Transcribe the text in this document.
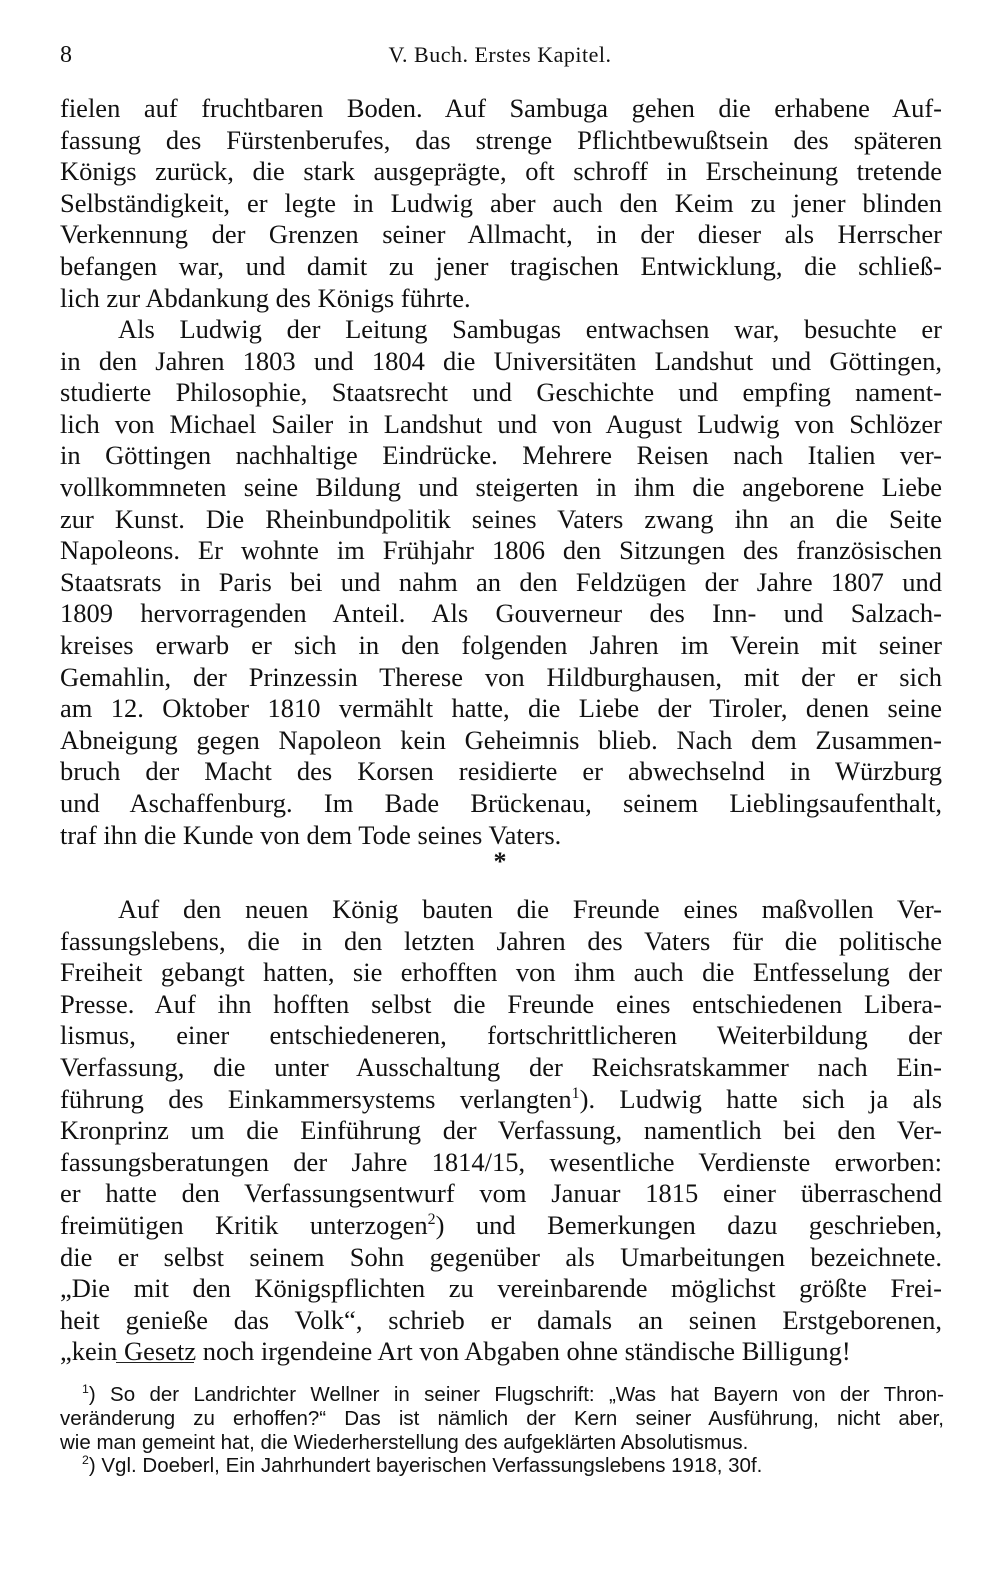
8	V. Buch. Erstes Kapitel.
fielen auf fruchtbaren Boden. Auf Sambuga gehen die erhabene Auf-
fassung des Fürstenberufes, das strenge Pflichtbewußtsein des späteren
Königs zurück, die stark ausgeprägte, oft schroff in Erscheinung tretende
Selbständigkeit, er legte in Ludwig aber auch den Keim zu jener blinden
Verkennung der Grenzen seiner Allmacht, in der dieser als Herrscher
befangen war, und damit zu jener tragischen Entwicklung, die schließ-
lich zur Abdankung des Königs führte.
Als Ludwig der Leitung Sambugas entwachsen war, besuchte er
in den Jahren 1803 und 1804 die Universitäten Landshut und Göttingen,
studierte Philosophie, Staatsrecht und Geschichte und empfing nament-
lich von Michael Sailer in Landshut und von August Ludwig von Schlözer
in Göttingen nachhaltige Eindrücke. Mehrere Reisen nach Italien ver-
vollkommneten seine Bildung und steigerten in ihm die angeborene Liebe
zur Kunst. Die Rheinbundpolitik seines Vaters zwang ihn an die Seite
Napoleons. Er wohnte im Frühjahr 1806 den Sitzungen des französischen
Staatsrats in Paris bei und nahm an den Feldzügen der Jahre 1807 und
1809 hervorragenden Anteil. Als Gouverneur des Inn- und Salzach-
kreises erwarb er sich in den folgenden Jahren im Verein mit seiner
Gemahlin, der Prinzessin Therese von Hildburghausen, mit der er sich
am 12. Oktober 1810 vermählt hatte, die Liebe der Tiroler, denen seine
Abneigung gegen Napoleon kein Geheimnis blieb. Nach dem Zusammen-
bruch der Macht des Korsen residierte er abwechselnd in Würzburg
und Aschaffenburg. Im Bade Brückenau, seinem Lieblingsaufenthalt,
traf ihn die Kunde von dem Tode seines Vaters.
*
Auf den neuen König bauten die Freunde eines maßvollen Ver-
fassungslebens, die in den letzten Jahren des Vaters für die politische
Freiheit gebangt hatten, sie erhofften von ihm auch die Entfesselung der
Presse. Auf ihn hofften selbst die Freunde eines entschiedenen Libera-
lismus, einer entschiedeneren, fortschrittlicheren Weiterbildung der
Verfassung, die unter Ausschaltung der Reichsratskammer nach Ein-
führung des Einkammersystems verlangten$^1$). Ludwig hatte sich ja als
Kronprinz um die Einführung der Verfassung, namentlich bei den Ver-
fassungsberatungen der Jahre 1814/15, wesentliche Verdienste erworben:
er hatte den Verfassungsentwurf vom Januar 1815 einer überraschend
freimütigen Kritik unterzogen$^2$) und Bemerkungen dazu geschrieben,
die er selbst seinem Sohn gegenüber als Umarbeitungen bezeichnete.
„Die mit den Königspflichten zu vereinbarende möglichst größte Frei-
heit genieße das Volk“, schrieb er damals an seinen Erstgeborenen,
„kein Gesetz noch irgendeine Art von Abgaben ohne ständische Billigung!
$^1$) So der Landrichter Wellner in seiner Flugschrift: „Was hat Bayern von der Thron-
veränderung zu erhoffen?“ Das ist nämlich der Kern seiner Ausführung, nicht aber,
wie man gemeint hat, die Wiederherstellung des aufgeklärten Absolutismus.
$^2$) Vgl. Doeberl, Ein Jahrhundert bayerischen Verfassungslebens 1918, 30f.
